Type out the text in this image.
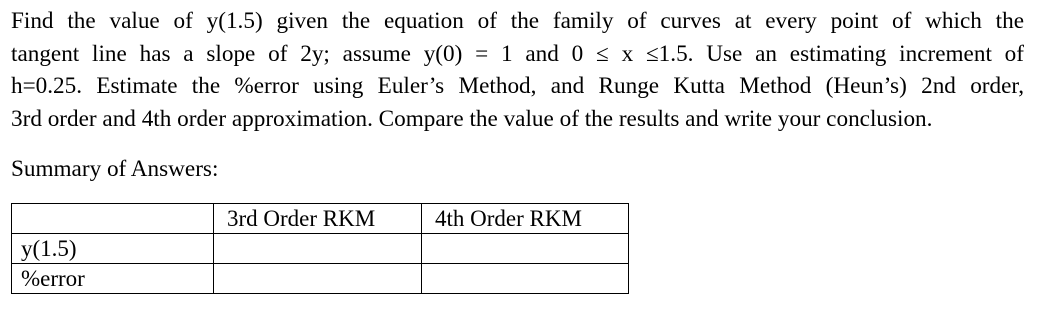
Find the value of y(1.5) given the equation of the family of curves at every point of which the
tangent line has a slope of 2y; assume y(0) = 1 and 0 ≤ x ≤1.5. Use an estimating increment of
h=0.25. Estimate the %error using Euler’s Method, and Runge Kutta Method (Heun’s) 2nd order,
3rd order and 4th order approximation. Compare the value of the results and write your conclusion.
Summary of Answers:
	3rd Order RKM	4th Order RKM
y(1.5)		
%error		
